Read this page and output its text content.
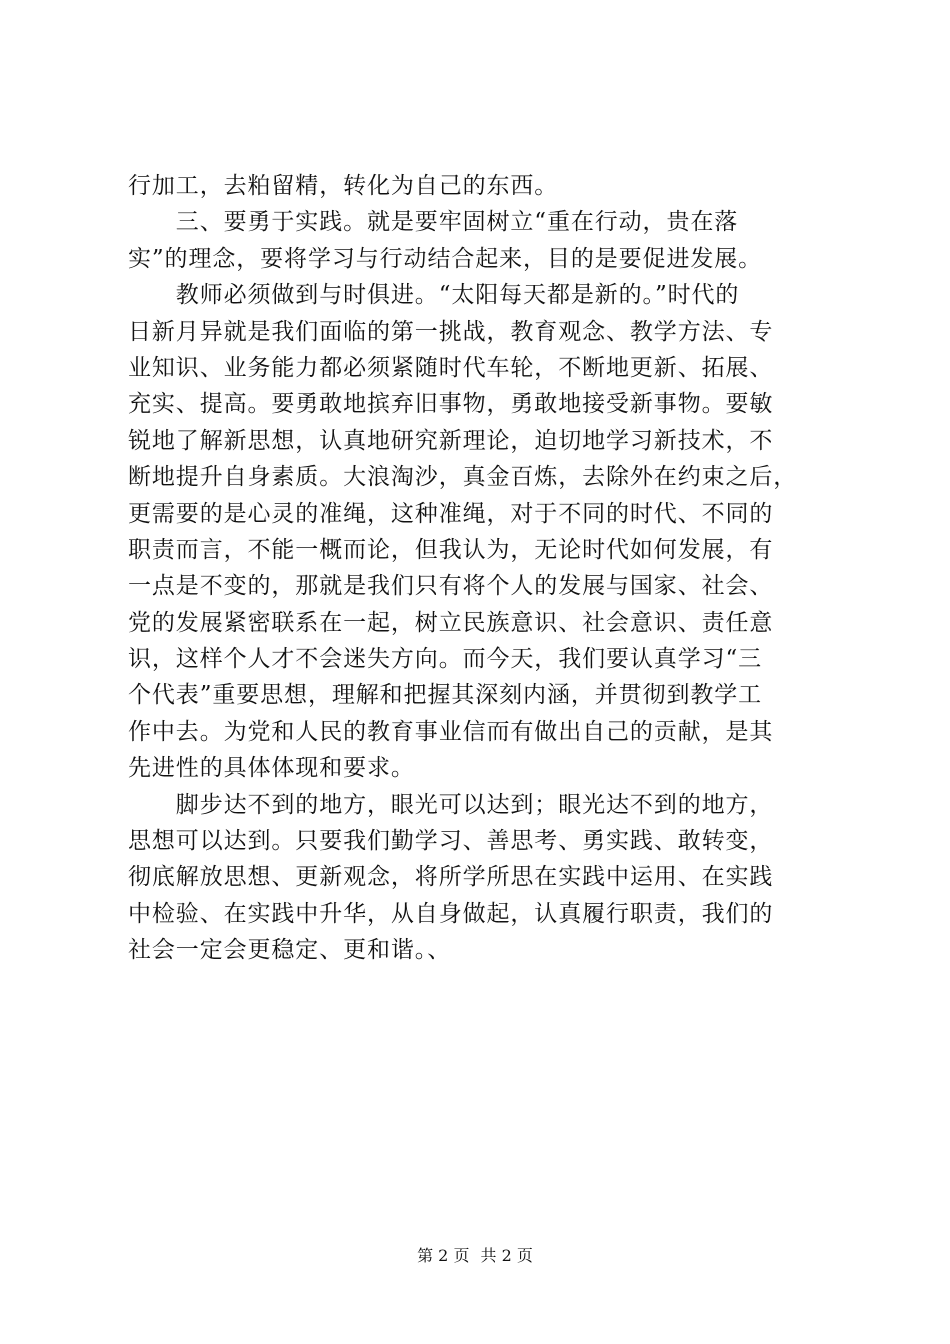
行加工，去粕留精，转化为自己的东西。
　　三、要勇于实践。就是要牢固树立“重在行动，贵在落
实”的理念，要将学习与行动结合起来，目的是要促进发展。
　　教师必须做到与时俱进。“太阳每天都是新的。”时代的
日新月异就是我们面临的第一挑战，教育观念、教学方法、专
业知识、业务能力都必须紧随时代车轮，不断地更新、拓展、
充实、提高。要勇敢地摈弃旧事物，勇敢地接受新事物。要敏
锐地了解新思想，认真地研究新理论，迫切地学习新技术，不
断地提升自身素质。大浪淘沙，真金百炼，去除外在约束之后，
更需要的是心灵的准绳，这种准绳，对于不同的时代、不同的
职责而言，不能一概而论，但我认为，无论时代如何发展，有
一点是不变的，那就是我们只有将个人的发展与国家、社会、
党的发展紧密联系在一起，树立民族意识、社会意识、责任意
识，这样个人才不会迷失方向。而今天，我们要认真学习“三
个代表”重要思想，理解和把握其深刻内涵，并贯彻到教学工
作中去。为党和人民的教育事业信而有做出自己的贡献，是其
先进性的具体体现和要求。
　　脚步达不到的地方，眼光可以达到；眼光达不到的地方，
思想可以达到。只要我们勤学习、善思考、勇实践、敢转变，
彻底解放思想、更新观念，将所学所思在实践中运用、在实践
中检验、在实践中升华，从自身做起，认真履行职责，我们的
社会一定会更稳定、更和谐。、
第 2 页 共 2 页
